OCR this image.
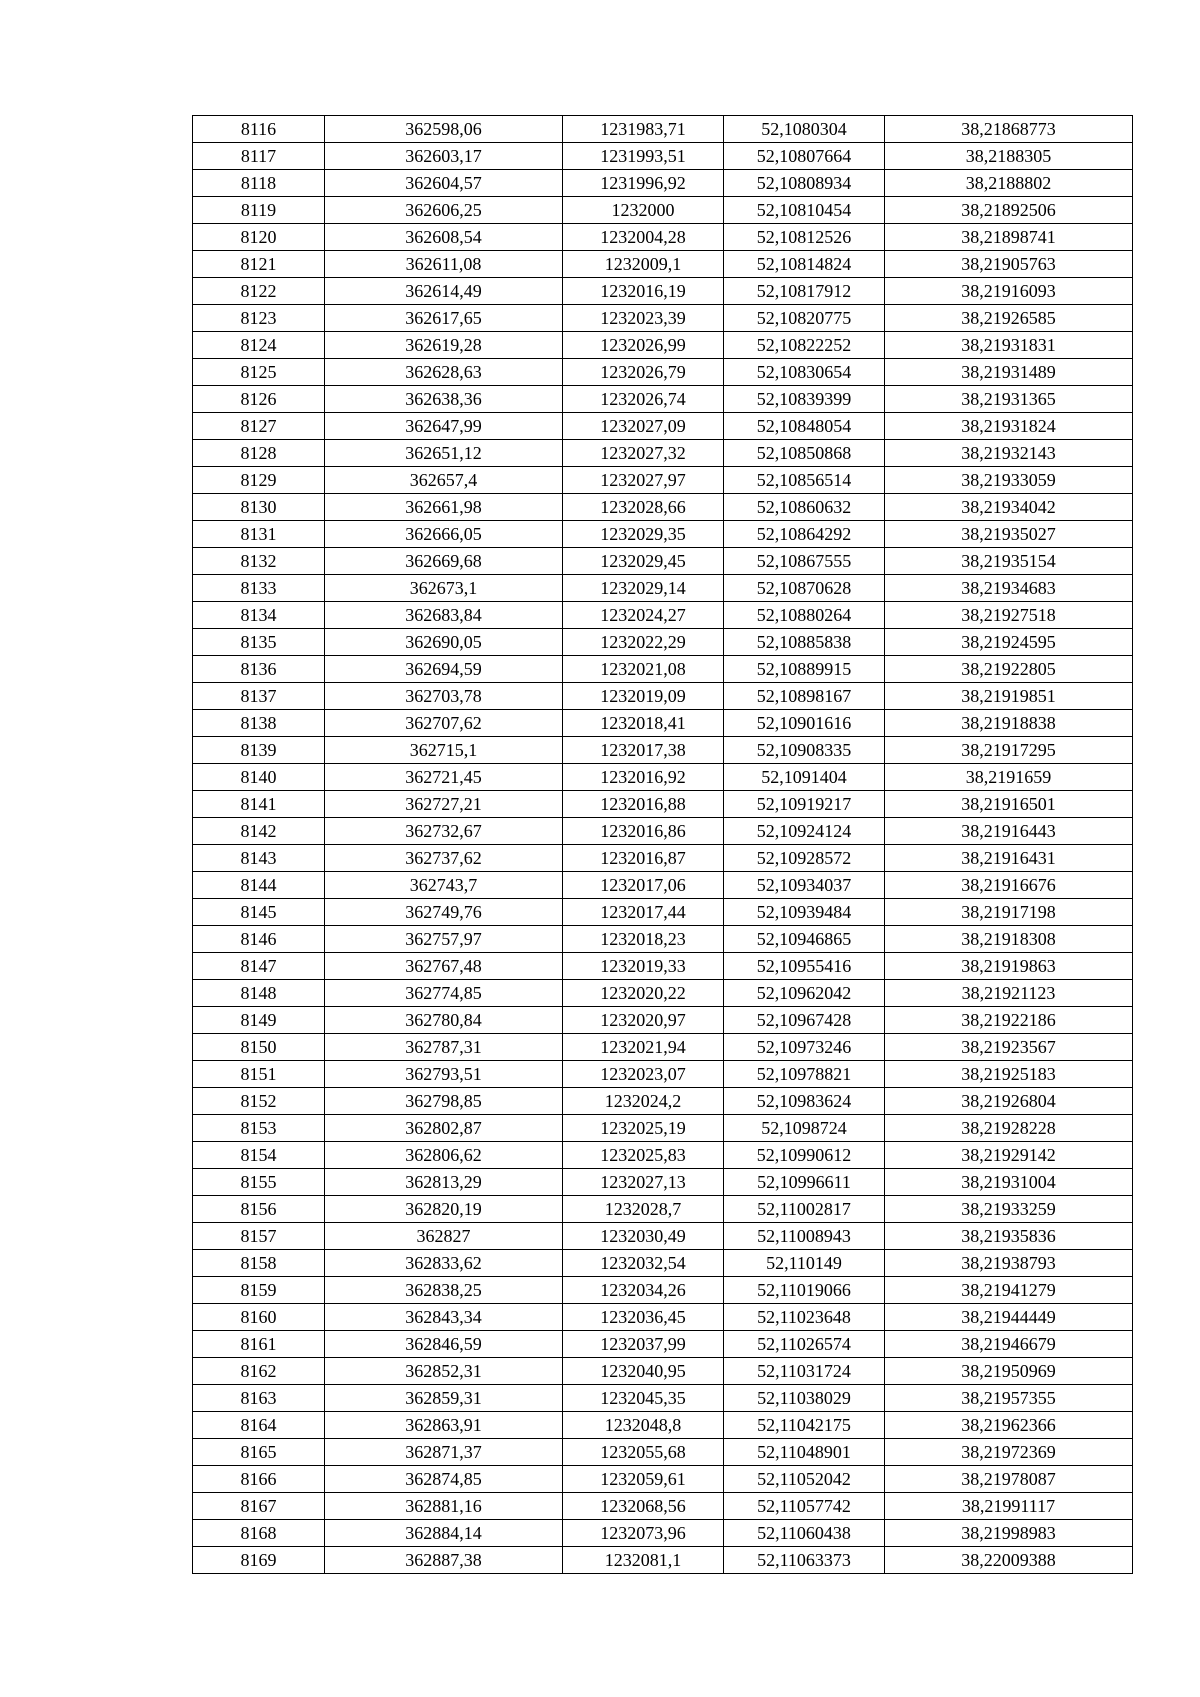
8116	362598,06	1231983,71	52,1080304	38,21868773
8117	362603,17	1231993,51	52,10807664	38,2188305
8118	362604,57	1231996,92	52,10808934	38,2188802
8119	362606,25	1232000	52,10810454	38,21892506
8120	362608,54	1232004,28	52,10812526	38,21898741
8121	362611,08	1232009,1	52,10814824	38,21905763
8122	362614,49	1232016,19	52,10817912	38,21916093
8123	362617,65	1232023,39	52,10820775	38,21926585
8124	362619,28	1232026,99	52,10822252	38,21931831
8125	362628,63	1232026,79	52,10830654	38,21931489
8126	362638,36	1232026,74	52,10839399	38,21931365
8127	362647,99	1232027,09	52,10848054	38,21931824
8128	362651,12	1232027,32	52,10850868	38,21932143
8129	362657,4	1232027,97	52,10856514	38,21933059
8130	362661,98	1232028,66	52,10860632	38,21934042
8131	362666,05	1232029,35	52,10864292	38,21935027
8132	362669,68	1232029,45	52,10867555	38,21935154
8133	362673,1	1232029,14	52,10870628	38,21934683
8134	362683,84	1232024,27	52,10880264	38,21927518
8135	362690,05	1232022,29	52,10885838	38,21924595
8136	362694,59	1232021,08	52,10889915	38,21922805
8137	362703,78	1232019,09	52,10898167	38,21919851
8138	362707,62	1232018,41	52,10901616	38,21918838
8139	362715,1	1232017,38	52,10908335	38,21917295
8140	362721,45	1232016,92	52,1091404	38,2191659
8141	362727,21	1232016,88	52,10919217	38,21916501
8142	362732,67	1232016,86	52,10924124	38,21916443
8143	362737,62	1232016,87	52,10928572	38,21916431
8144	362743,7	1232017,06	52,10934037	38,21916676
8145	362749,76	1232017,44	52,10939484	38,21917198
8146	362757,97	1232018,23	52,10946865	38,21918308
8147	362767,48	1232019,33	52,10955416	38,21919863
8148	362774,85	1232020,22	52,10962042	38,21921123
8149	362780,84	1232020,97	52,10967428	38,21922186
8150	362787,31	1232021,94	52,10973246	38,21923567
8151	362793,51	1232023,07	52,10978821	38,21925183
8152	362798,85	1232024,2	52,10983624	38,21926804
8153	362802,87	1232025,19	52,1098724	38,21928228
8154	362806,62	1232025,83	52,10990612	38,21929142
8155	362813,29	1232027,13	52,10996611	38,21931004
8156	362820,19	1232028,7	52,11002817	38,21933259
8157	362827	1232030,49	52,11008943	38,21935836
8158	362833,62	1232032,54	52,110149	38,21938793
8159	362838,25	1232034,26	52,11019066	38,21941279
8160	362843,34	1232036,45	52,11023648	38,21944449
8161	362846,59	1232037,99	52,11026574	38,21946679
8162	362852,31	1232040,95	52,11031724	38,21950969
8163	362859,31	1232045,35	52,11038029	38,21957355
8164	362863,91	1232048,8	52,11042175	38,21962366
8165	362871,37	1232055,68	52,11048901	38,21972369
8166	362874,85	1232059,61	52,11052042	38,21978087
8167	362881,16	1232068,56	52,11057742	38,21991117
8168	362884,14	1232073,96	52,11060438	38,21998983
8169	362887,38	1232081,1	52,11063373	38,22009388
